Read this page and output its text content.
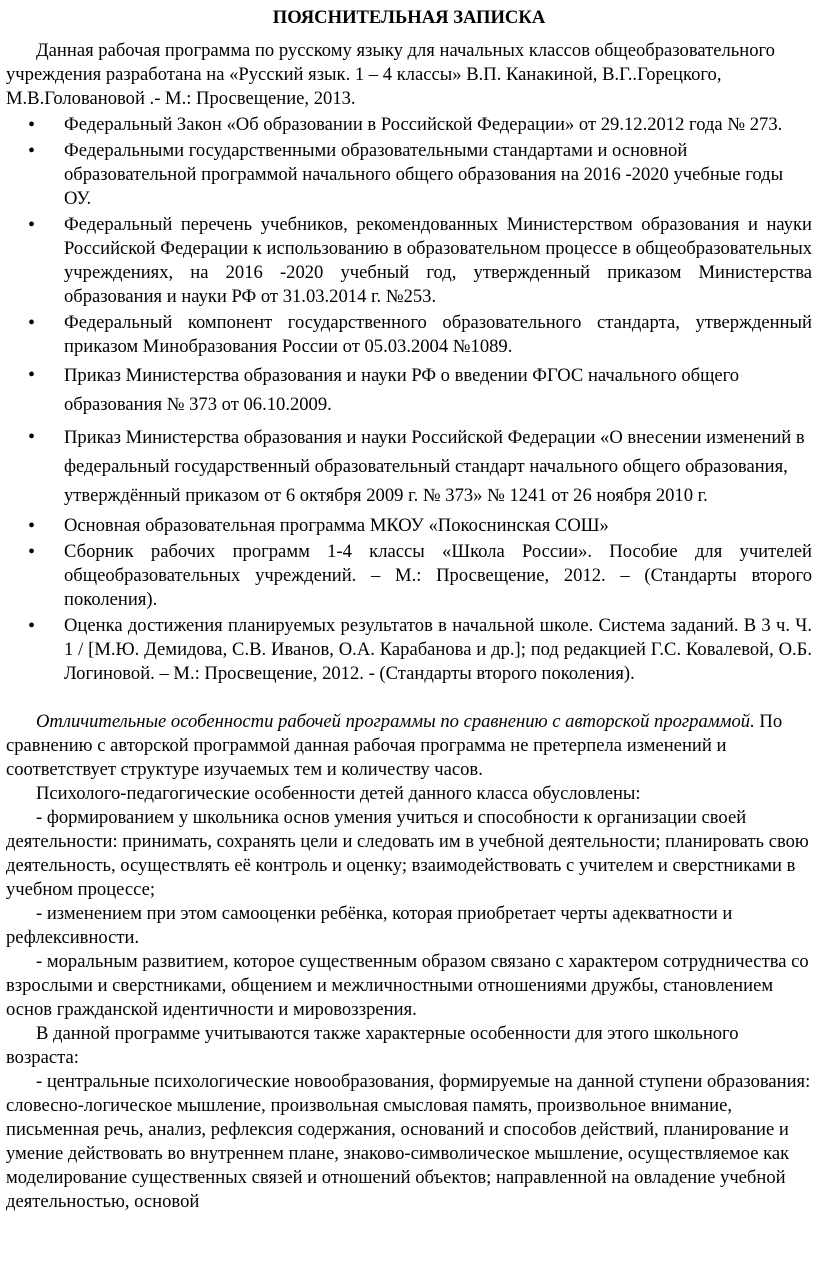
ПОЯСНИТЕЛЬНАЯ ЗАПИСКА

Данная рабочая программа по русскому языку для начальных классов общеобразовательного учреждения разработана на «Русский язык. 1 – 4 классы» В.П. Канакиной, В.Г..Горецкого, М.В.Головановой .- М.: Просвещение, 2013.

• Федеральный Закон «Об образовании в Российской Федерации» от 29.12.2012 года № 273.
• Федеральными государственными образовательными стандартами и основной образовательной программой начального общего образования на 2016 -2020 учебные годы ОУ.
• Федеральный перечень учебников, рекомендованных Министерством образования и науки Российской Федерации к использованию в образовательном процессе в общеобразовательных учреждениях, на 2016 -2020 учебный год, утвержденный приказом Министерства образования и науки РФ от 31.03.2014 г. №253.
• Федеральный компонент государственного образовательного стандарта, утвержденный приказом Минобразования России от 05.03.2004 №1089.
• Приказ Министерства образования и науки РФ о введении ФГОС начального общего образования № 373 от 06.10.2009.
• Приказ Министерства образования и науки Российской Федерации «О внесении изменений в федеральный государственный образовательный стандарт начального общего образования, утверждённый приказом от 6 октября 2009 г. № 373» № 1241 от 26 ноября 2010 г.
• Основная образовательная программа МКОУ «Покоснинская СОШ»
• Сборник рабочих программ 1-4 классы «Школа России». Пособие для учителей общеобразовательных учреждений. – М.: Просвещение, 2012. – (Стандарты второго поколения).
• Оценка достижения планируемых результатов в начальной школе. Система заданий. В 3 ч. Ч. 1 / [М.Ю. Демидова, С.В. Иванов, О.А. Карабанова и др.]; под редакцией Г.С. Ковалевой, О.Б. Логиновой. – М.: Просвещение, 2012. - (Стандарты второго поколения).

Отличительные особенности рабочей программы по сравнению с авторской программой. По сравнению с авторской программой данная рабочая программа не претерпела изменений и соответствует структуре изучаемых тем и количеству часов.

Психолого-педагогические особенности детей данного класса обусловлены:

- формированием у школьника основ умения учиться и способности к организации своей деятельности: принимать, сохранять цели и следовать им в учебной деятельности; планировать свою деятельность, осуществлять её контроль и оценку; взаимодействовать с учителем и сверстниками в учебном процессе;

- изменением при этом самооценки ребёнка, которая приобретает черты адекватности и рефлексивности.

- моральным развитием, которое существенным образом связано с характером сотрудничества со взрослыми и сверстниками, общением и межличностными отношениями дружбы, становлением основ гражданской идентичности и мировоззрения.

В данной программе учитываются также характерные особенности для этого школьного возраста:

- центральные психологические новообразования, формируемые на данной ступени образования: словесно-логическое мышление, произвольная смысловая память, произвольное внимание, письменная речь, анализ, рефлексия содержания, оснований и способов действий, планирование и умение действовать во внутреннем плане, знаково-символическое мышление, осуществляемое как моделирование существенных связей и отношений объектов; направленной на овладение учебной деятельностью, основой
